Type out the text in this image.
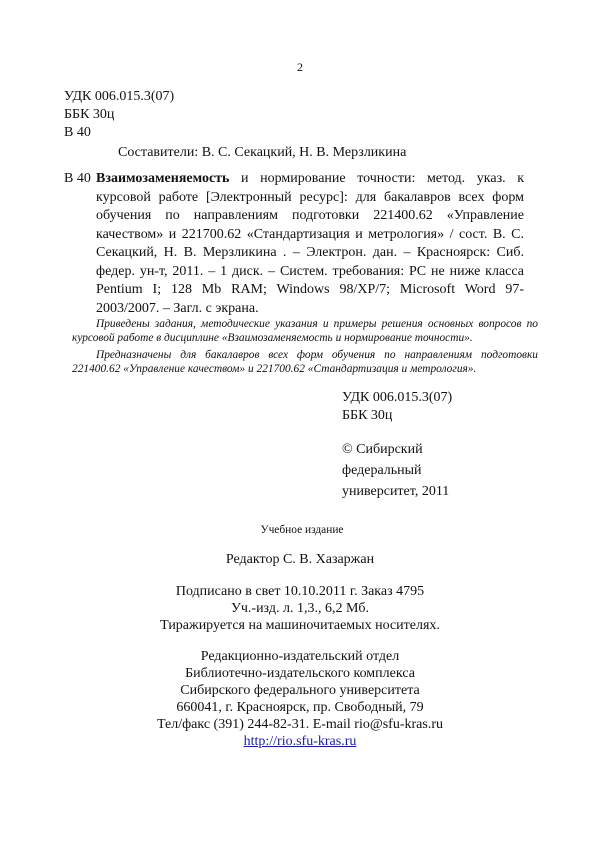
2
УДК 006.015.3(07)
ББК 30ц
В 40
Составители: В. С. Секацкий, Н. В. Мерзликина
В 40 Взаимозаменяемость и нормирование точности: метод. указ. к курсовой работе [Электронный ресурс]: для бакалавров всех форм обучения по направлениям подготовки 221400.62 «Управление качеством» и 221700.62 «Стандартизация и метрология» / сост. В. С. Секацкий, Н. В. Мерзликина . – Электрон. дан. – Красноярск: Сиб. федер. ун-т, 2011. – 1 диск. – Систем. требования: PC не ниже класса Pentium I; 128 Mb RAM; Windows 98/XP/7; Microsoft Word 97-2003/2007. – Загл. с экрана.

Приведены задания, методические указания и примеры решения основных вопросов по курсовой работе в дисциплине «Взаимозаменяемость и нормирование точности».

Предназначены для бакалавров всех форм обучения по направлениям подготовки 221400.62 «Управление качеством» и 221700.62 «Стандартизация и метрология».

УДК 006.015.3(07)
ББК 30ц
© Сибирский
федеральный
университет, 2011
Учебное издание
Редактор С. В. Хазаржан
Подписано в свет 10.10.2011 г. Заказ 4795
Уч.-изд. л. 1,3., 6,2 Мб.
Тиражируется на машиночитаемых носителях.
Редакционно-издательский отдел
Библиотечно-издательского комплекса
Сибирского федерального университета
660041, г. Красноярск, пр. Свободный, 79
Тел/факс (391) 244-82-31. E-mail rio@sfu-kras.ru
http://rio.sfu-kras.ru
